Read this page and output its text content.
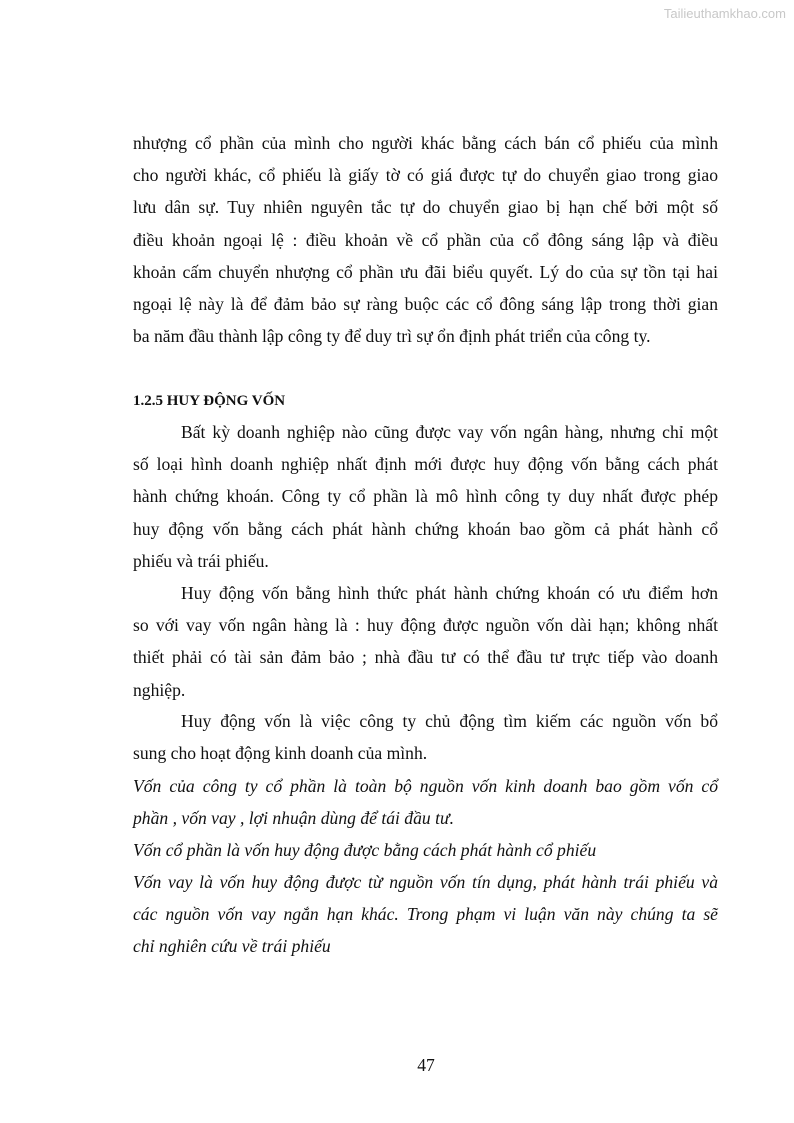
Tailieuthamkhao.com
nhượng cổ phần của mình cho người khác bằng cách bán cổ phiếu của mình
cho người khác, cổ phiếu là giấy tờ có giá được tự do chuyển giao trong giao
lưu dân sự. Tuy nhiên nguyên tắc tự do chuyển giao bị hạn chế bởi một số
điều khoản ngoại lệ : điều khoản về cổ phần của cổ đông sáng lập và điều
khoản cấm chuyển nhượng cổ phần ưu đãi biểu quyết. Lý do của sự tồn tại hai
ngoại lệ này là để đảm bảo sự ràng buộc các cổ đông sáng lập trong thời gian
ba năm đầu thành lập công ty để duy trì sự ổn định phát triển của công ty.
Bất kỳ doanh nghiệp nào cũng được vay vốn ngân hàng, nhưng chỉ một
số loại hình doanh nghiệp nhất định mới được huy động vốn bằng cách phát
hành chứng khoán. Công ty cổ phần là mô hình công ty duy nhất được phép
huy động vốn bằng cách phát hành chứng khoán bao gồm cả phát hành cổ
phiếu và trái phiếu.
Huy động vốn bằng hình thức phát hành chứng khoán có ưu điểm hơn
so với vay vốn ngân hàng là : huy động được nguồn vốn dài hạn; không nhất
thiết phải có tài sản đảm bảo ; nhà đầu tư có thể đầu tư trực tiếp vào doanh
nghiệp.
Huy động vốn là việc công ty chủ động tìm kiếm các nguồn vốn bổ
sung cho hoạt động kinh doanh của mình.
Vốn của công ty cổ phần là toàn bộ nguồn vốn kinh doanh bao gồm vốn cổ
phần , vốn vay , lợi nhuận dùng để tái đầu tư.
Vốn cổ phần là vốn huy động được bằng cách phát hành cổ phiếu
Vốn vay là vốn huy động được từ nguồn vốn tín dụng, phát hành trái phiếu và
các nguồn vốn vay ngắn hạn khác. Trong phạm vi luận văn này chúng ta sẽ
chỉ nghiên cứu về trái phiếu
1.2.5 HUY ĐỘNG VỐN
47
